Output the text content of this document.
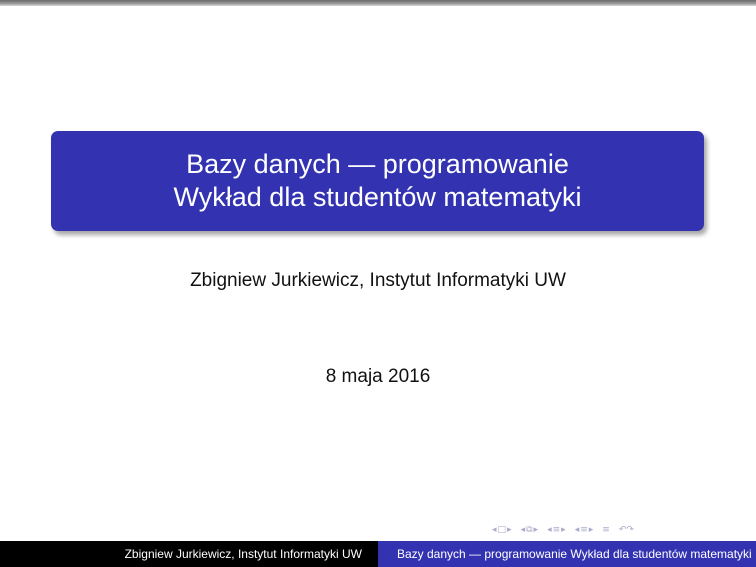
Bazy danych — programowanie
Wykład dla studentów matematyki
Zbigniew Jurkiewicz, Instytut Informatyki UW
8 maja 2016
◂ □ ▸ ◂ ⧉ ▸ ◂ ≡ ▸ ◂ ≡ ▸ ≡ ↶↷
Zbigniew Jurkiewicz, Instytut Informatyki UW	Bazy danych — programowanie Wykład dla studentów matematyki
